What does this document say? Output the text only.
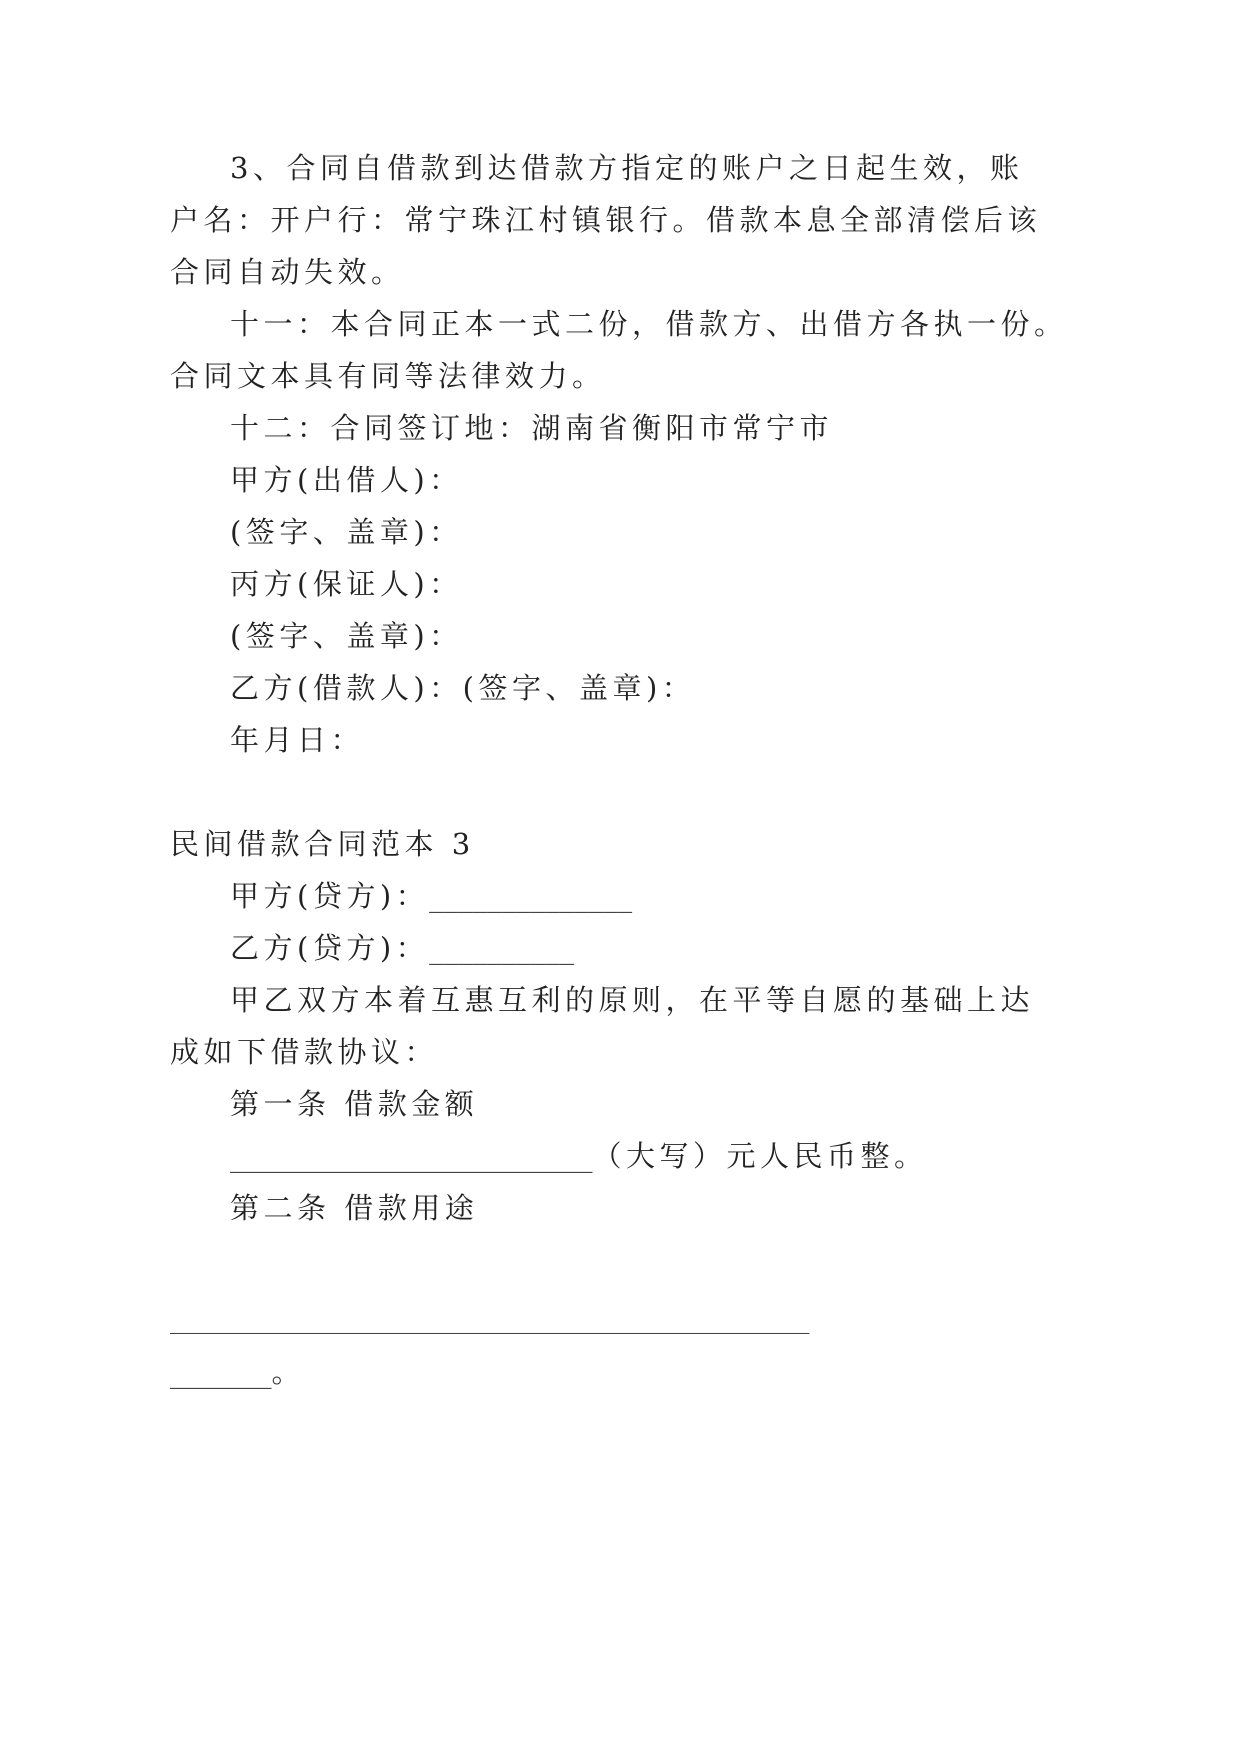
3、合同自借款到达借款方指定的账户之日起生效，账
户名：开户行：常宁珠江村镇银行。借款本息全部清偿后该
合同自动失效。
十一：本合同正本一式二份，借款方、出借方各执一份。
合同文本具有同等法律效力。
十二：合同签订地：湖南省衡阳市常宁市
甲方(出借人)：
(签字、盖章)：
丙方(保证人)：
(签字、盖章)：
乙方(借款人)：(签字、盖章)：
年月日：
民间借款合同范本 3
甲方(贷方)：______________
乙方(贷方)：__________
甲乙双方本着互惠互利的原则，在平等自愿的基础上达
成如下借款协议：
第一条 借款金额
_________________________（大写）元人民币整。
第二条 借款用途
_______________________________________________________
_______。
